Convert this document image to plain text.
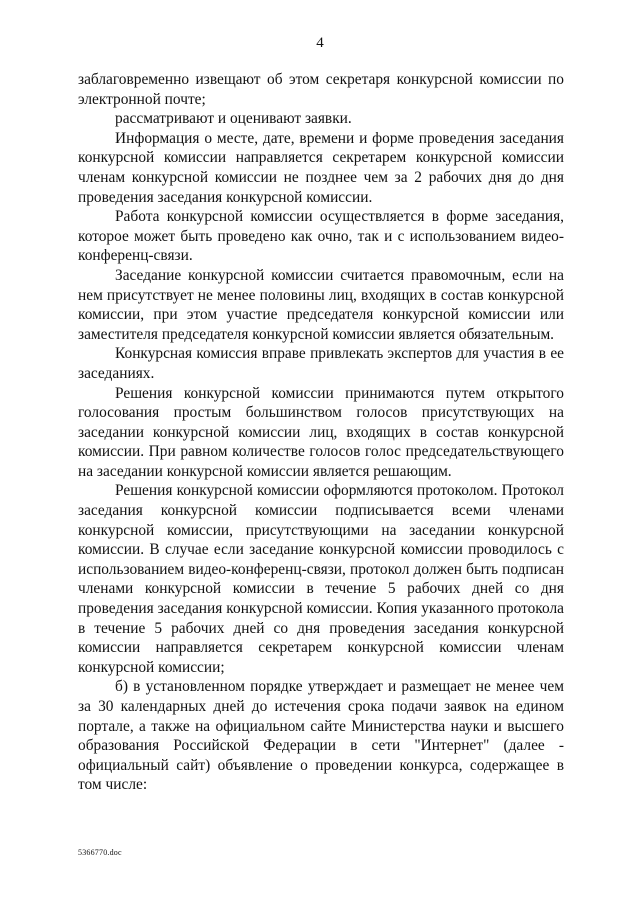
4

заблаговременно извещают об этом секретаря конкурсной комиссии по электронной почте;

рассматривают и оценивают заявки.

Информация о месте, дате, времени и форме проведения заседания конкурсной комиссии направляется секретарем конкурсной комиссии членам конкурсной комиссии не позднее чем за 2 рабочих дня до дня проведения заседания конкурсной комиссии.

Работа конкурсной комиссии осуществляется в форме заседания, которое может быть проведено как очно, так и с использованием видео-конференц-связи.

Заседание конкурсной комиссии считается правомочным, если на нем присутствует не менее половины лиц, входящих в состав конкурсной комиссии, при этом участие председателя конкурсной комиссии или заместителя председателя конкурсной комиссии является обязательным.

Конкурсная комиссия вправе привлекать экспертов для участия в ее заседаниях.

Решения конкурсной комиссии принимаются путем открытого голосования простым большинством голосов присутствующих на заседании конкурсной комиссии лиц, входящих в состав конкурсной комиссии. При равном количестве голосов голос председательствующего на заседании конкурсной комиссии является решающим.

Решения конкурсной комиссии оформляются протоколом. Протокол заседания конкурсной комиссии подписывается всеми членами конкурсной комиссии, присутствующими на заседании конкурсной комиссии. В случае если заседание конкурсной комиссии проводилось с использованием видео-конференц-связи, протокол должен быть подписан членами конкурсной комиссии в течение 5 рабочих дней со дня проведения заседания конкурсной комиссии. Копия указанного протокола в течение 5 рабочих дней со дня проведения заседания конкурсной комиссии направляется секретарем конкурсной комиссии членам конкурсной комиссии;

б) в установленном порядке утверждает и размещает не менее чем за 30 календарных дней до истечения срока подачи заявок на едином портале, а также на официальном сайте Министерства науки и высшего образования Российской Федерации в сети "Интернет" (далее - официальный сайт) объявление о проведении конкурса, содержащее в том числе:

5366770.doc
